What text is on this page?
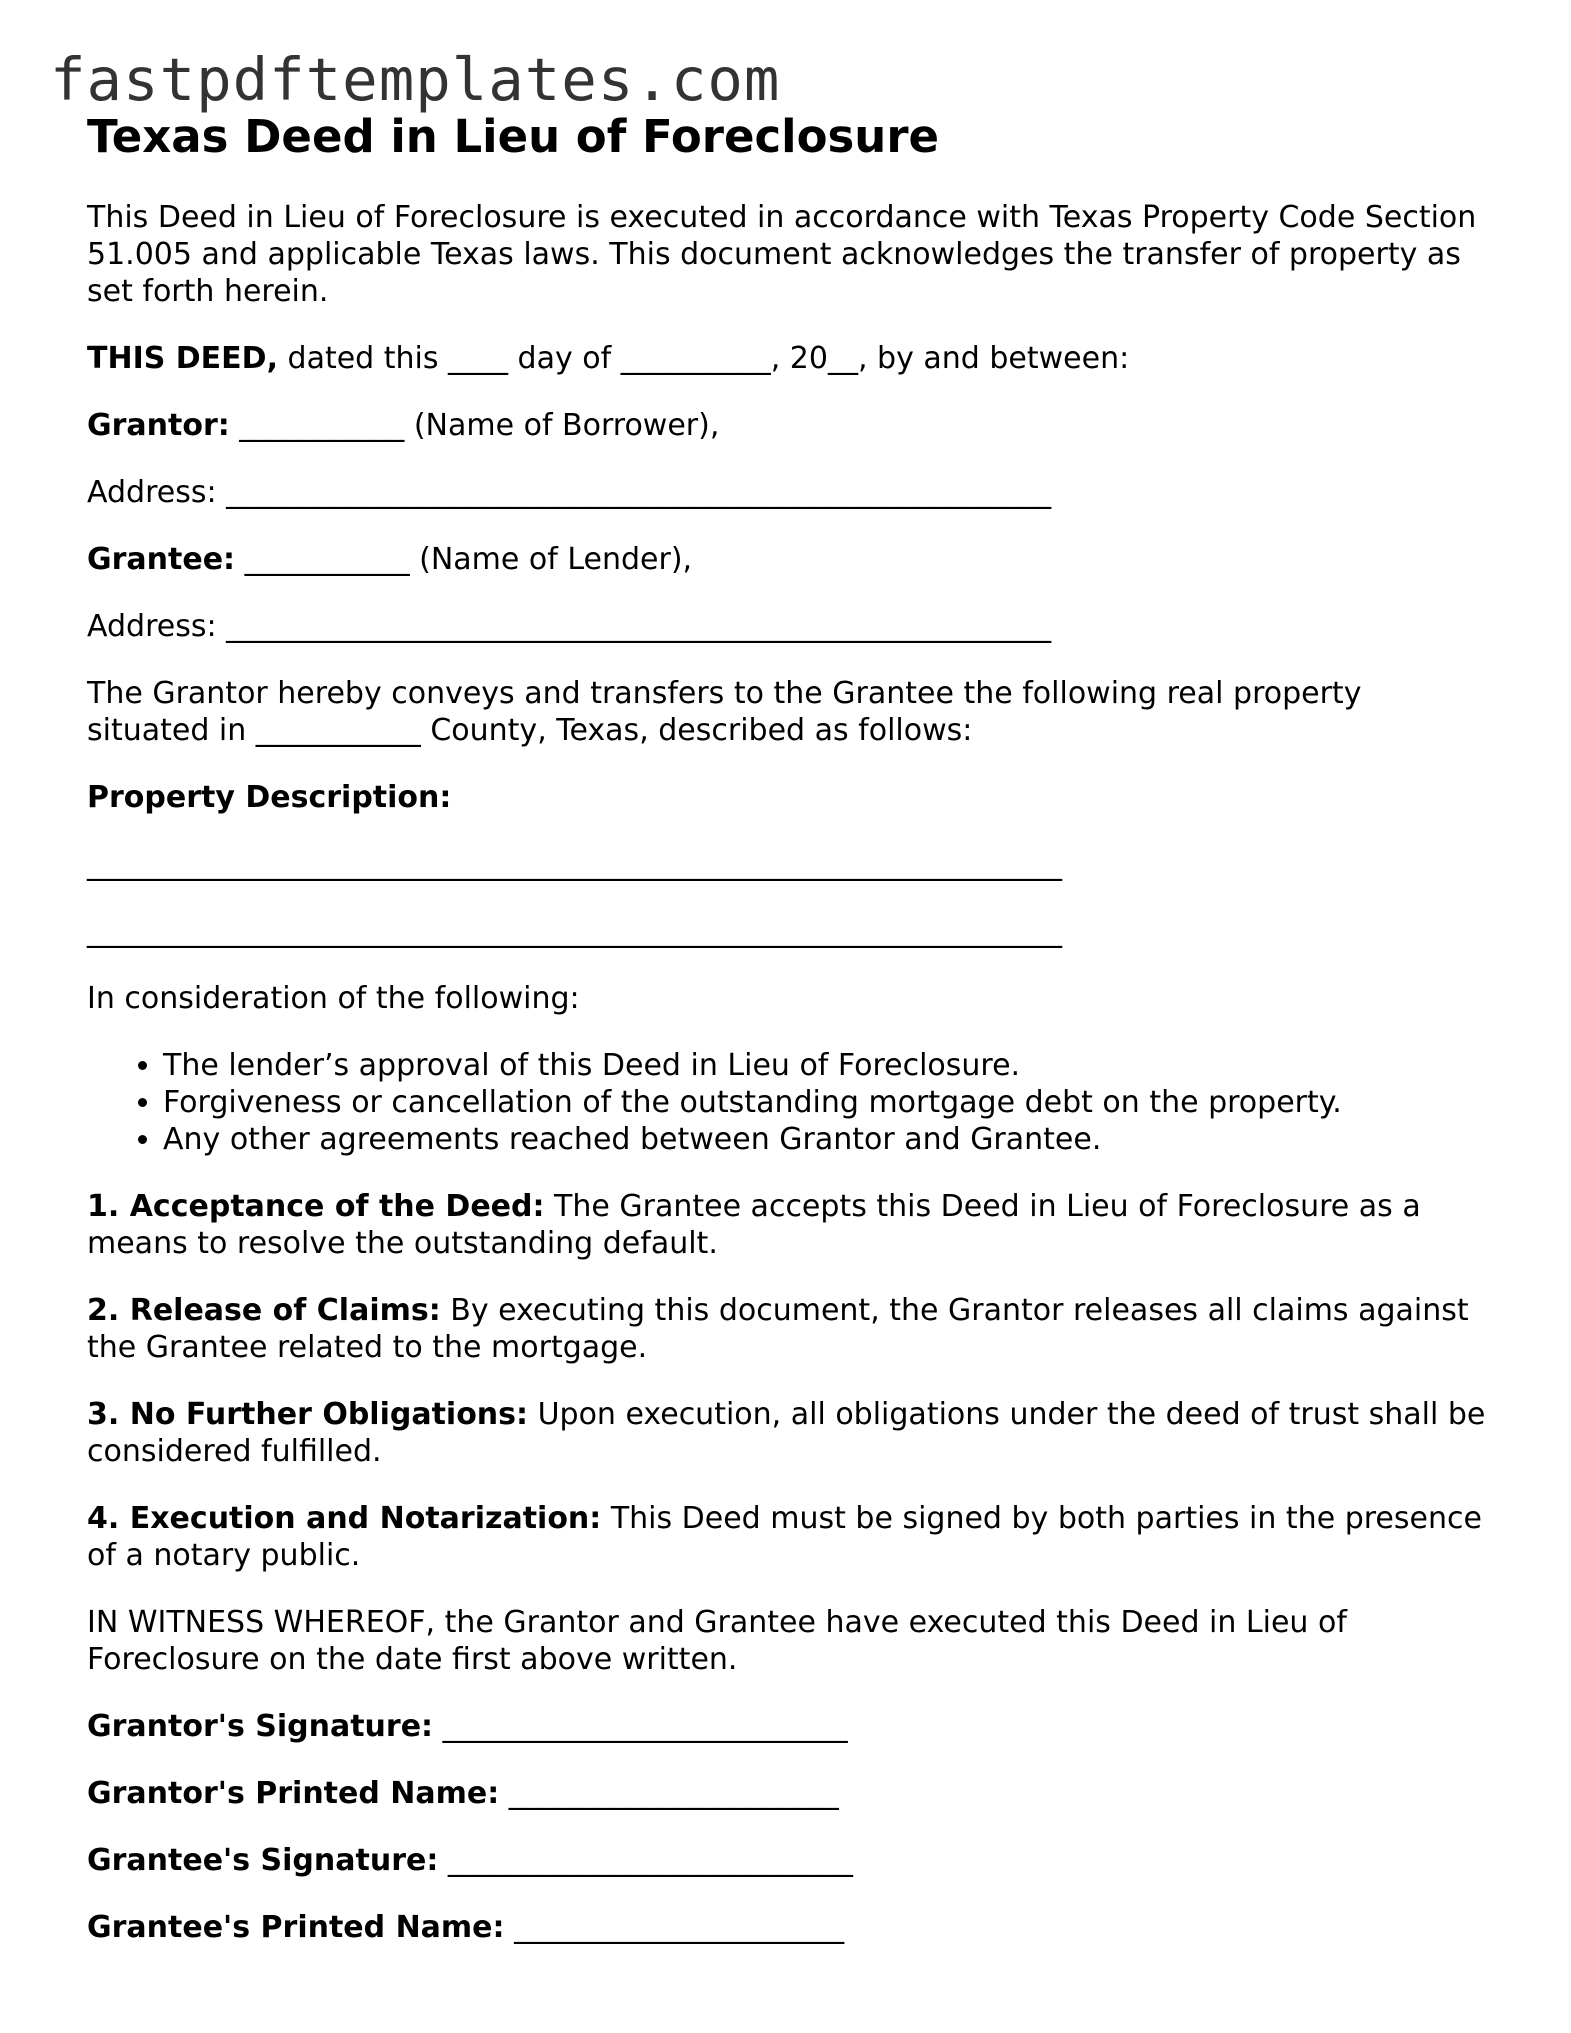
fastpdftemplates.com
Texas Deed in Lieu of Foreclosure

This Deed in Lieu of Foreclosure is executed in accordance with Texas Property Code Section 51.005 and applicable Texas laws. This document acknowledges the transfer of property as set forth herein.

THIS DEED, dated this ____ day of __________, 20__, by and between:

Grantor: ___________ (Name of Borrower),

Address: _______________________________________________________

Grantee: ___________ (Name of Lender),

Address: _______________________________________________________

The Grantor hereby conveys and transfers to the Grantee the following real property situated in ___________ County, Texas, described as follows:

Property Description:

_________________________________________________________________

_________________________________________________________________

In consideration of the following:

• The lender’s approval of this Deed in Lieu of Foreclosure.
• Forgiveness or cancellation of the outstanding mortgage debt on the property.
• Any other agreements reached between Grantor and Grantee.

1. Acceptance of the Deed: The Grantee accepts this Deed in Lieu of Foreclosure as a means to resolve the outstanding default.

2. Release of Claims: By executing this document, the Grantor releases all claims against the Grantee related to the mortgage.

3. No Further Obligations: Upon execution, all obligations under the deed of trust shall be considered fulfilled.

4. Execution and Notarization: This Deed must be signed by both parties in the presence of a notary public.

IN WITNESS WHEREOF, the Grantor and Grantee have executed this Deed in Lieu of Foreclosure on the date first above written.

Grantor's Signature: ___________________________

Grantor's Printed Name: ______________________

Grantee's Signature: ___________________________

Grantee's Printed Name: ______________________
